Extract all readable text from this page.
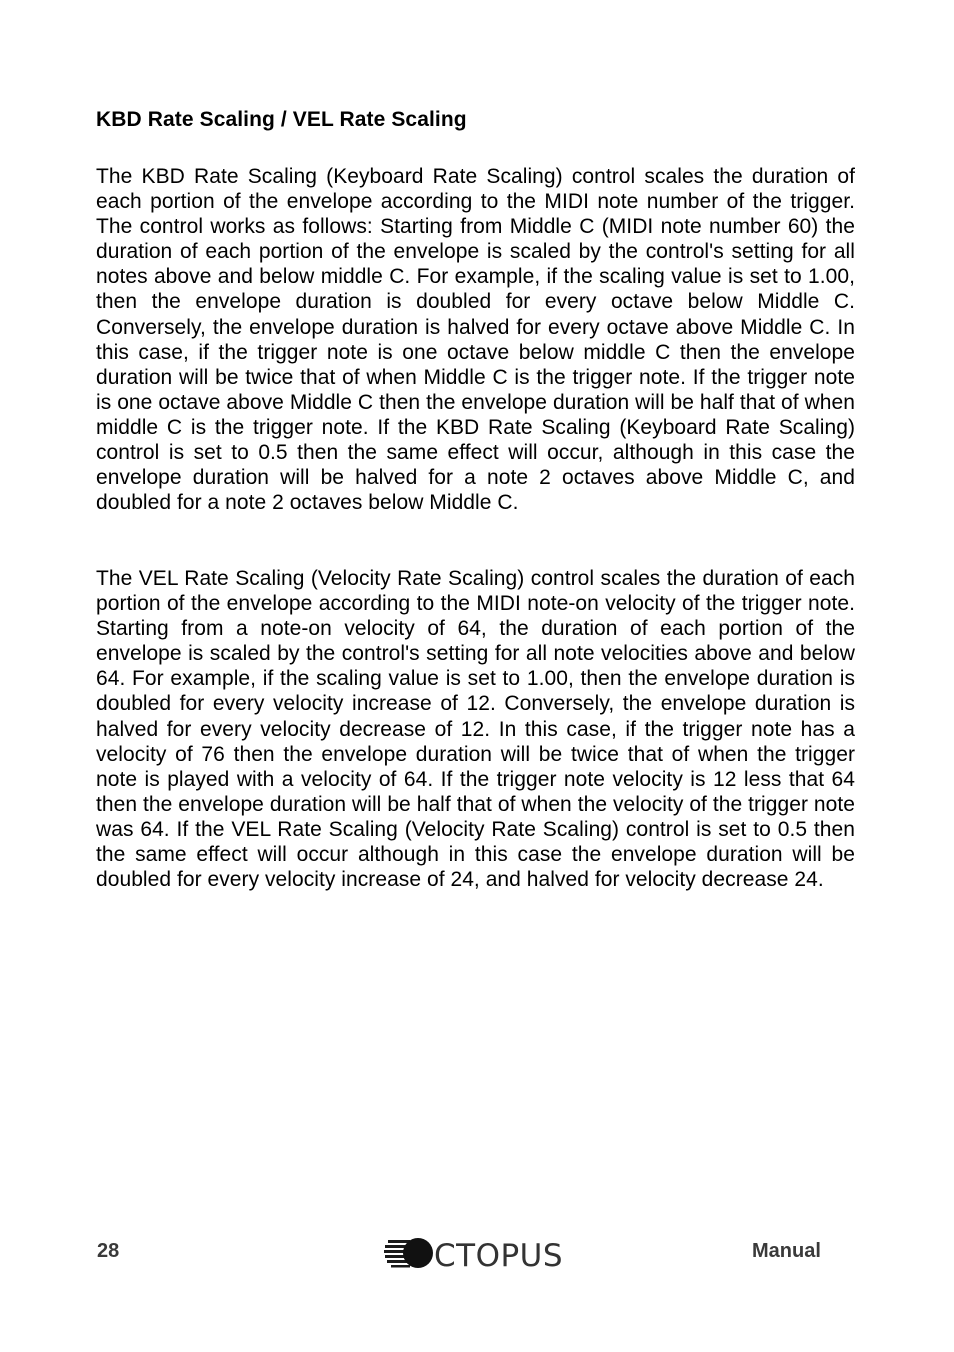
KBD Rate Scaling / VEL Rate Scaling

The KBD Rate Scaling (Keyboard Rate Scaling) control scales the duration of each portion of the envelope according to the MIDI note number of the trigger. The control works as follows: Starting from Middle C (MIDI note number 60) the duration of each portion of the envelope is scaled by the control's setting for all notes above and below middle C. For example, if the scaling value is set to 1.00, then the envelope duration is doubled for every octave below Middle C. Conversely, the envelope duration is halved for every octave above Middle C. In this case, if the trigger note is one octave below middle C then the envelope duration will be twice that of when Middle C is the trigger note. If the trigger note is one octave above Middle C then the envelope duration will be half that of when middle C is the trigger note. If the KBD Rate Scaling (Keyboard Rate Scaling) control is set to 0.5 then the same effect will occur, although in this case the envelope duration will be halved for a note 2 octaves above Middle C, and doubled for a note 2 octaves below Middle C.

The VEL Rate Scaling (Velocity Rate Scaling) control scales the duration of each portion of the envelope according to the MIDI note-on velocity of the trigger note. Starting from a note-on velocity of 64, the duration of each portion of the envelope is scaled by the control's setting for all note velocities above and below 64. For example, if the scaling value is set to 1.00, then the envelope duration is doubled for every velocity increase of 12. Conversely, the envelope duration is halved for every velocity decrease of 12. In this case, if the trigger note has a velocity of 76 then the envelope duration will be twice that of when the trigger note is played with a velocity of 64. If the trigger note velocity is 12 less that 64 then the envelope duration will be half that of when the velocity of the trigger note was 64. If the VEL Rate Scaling (Velocity Rate Scaling) control is set to 0.5 then the same effect will occur although in this case the envelope duration will be doubled for every velocity increase of 24, and halved for velocity decrease 24.

28	CTOPUS	Manual
